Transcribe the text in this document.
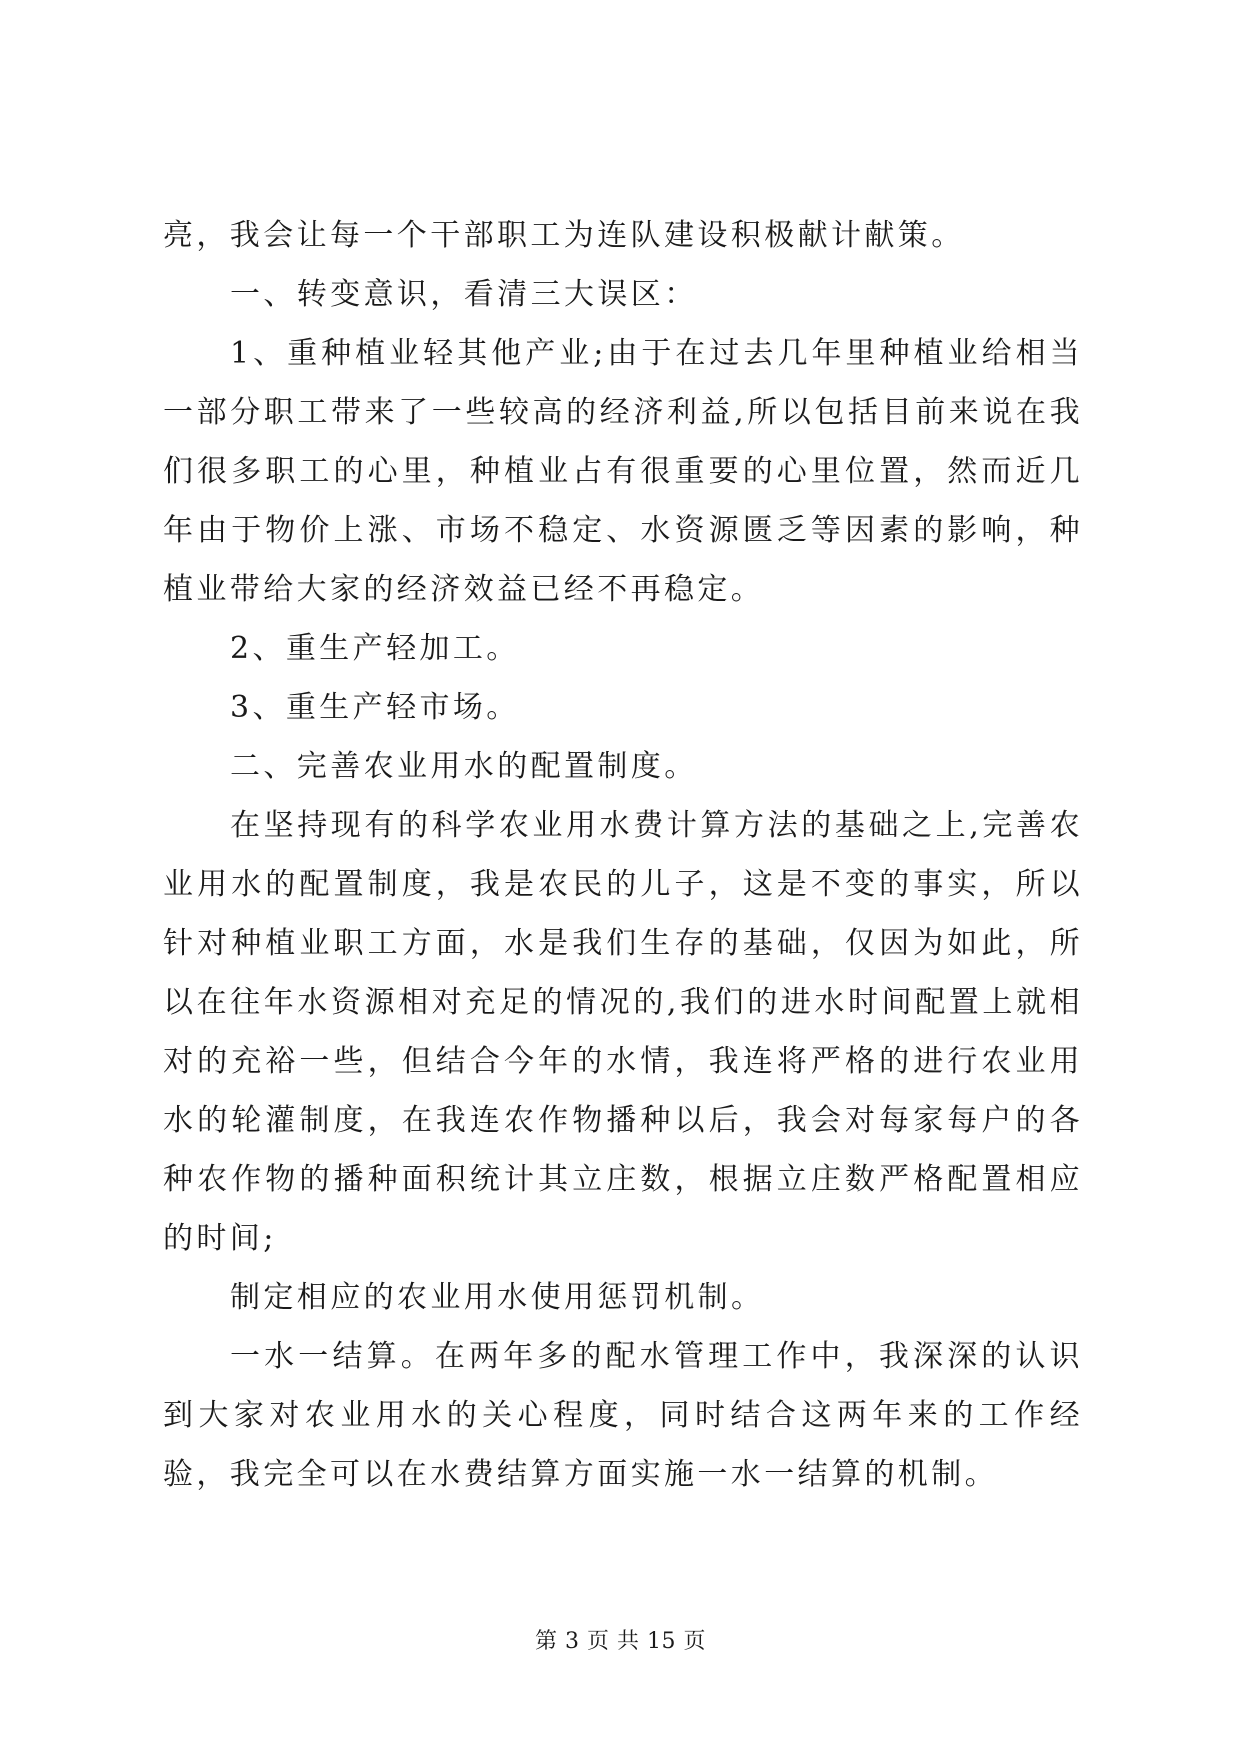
亮，我会让每一个干部职工为连队建设积极献计献策。

一、转变意识，看清三大误区：

1、重种植业轻其他产业;由于在过去几年里种植业给相当一部分职工带来了一些较高的经济利益,所以包括目前来说在我们很多职工的心里，种植业占有很重要的心里位置，然而近几年由于物价上涨、市场不稳定、水资源匮乏等因素的影响，种植业带给大家的经济效益已经不再稳定。

2、重生产轻加工。

3、重生产轻市场。

二、完善农业用水的配置制度。

在坚持现有的科学农业用水费计算方法的基础之上,完善农业用水的配置制度，我是农民的儿子，这是不变的事实，所以针对种植业职工方面，水是我们生存的基础，仅因为如此，所以在往年水资源相对充足的情况的,我们的进水时间配置上就相对的充裕一些，但结合今年的水情，我连将严格的进行农业用水的轮灌制度，在我连农作物播种以后，我会对每家每户的各种农作物的播种面积统计其立庄数，根据立庄数严格配置相应的时间;

制定相应的农业用水使用惩罚机制。

一水一结算。在两年多的配水管理工作中，我深深的认识到大家对农业用水的关心程度，同时结合这两年来的工作经验，我完全可以在水费结算方面实施一水一结算的机制。

第 3 页 共 15 页
